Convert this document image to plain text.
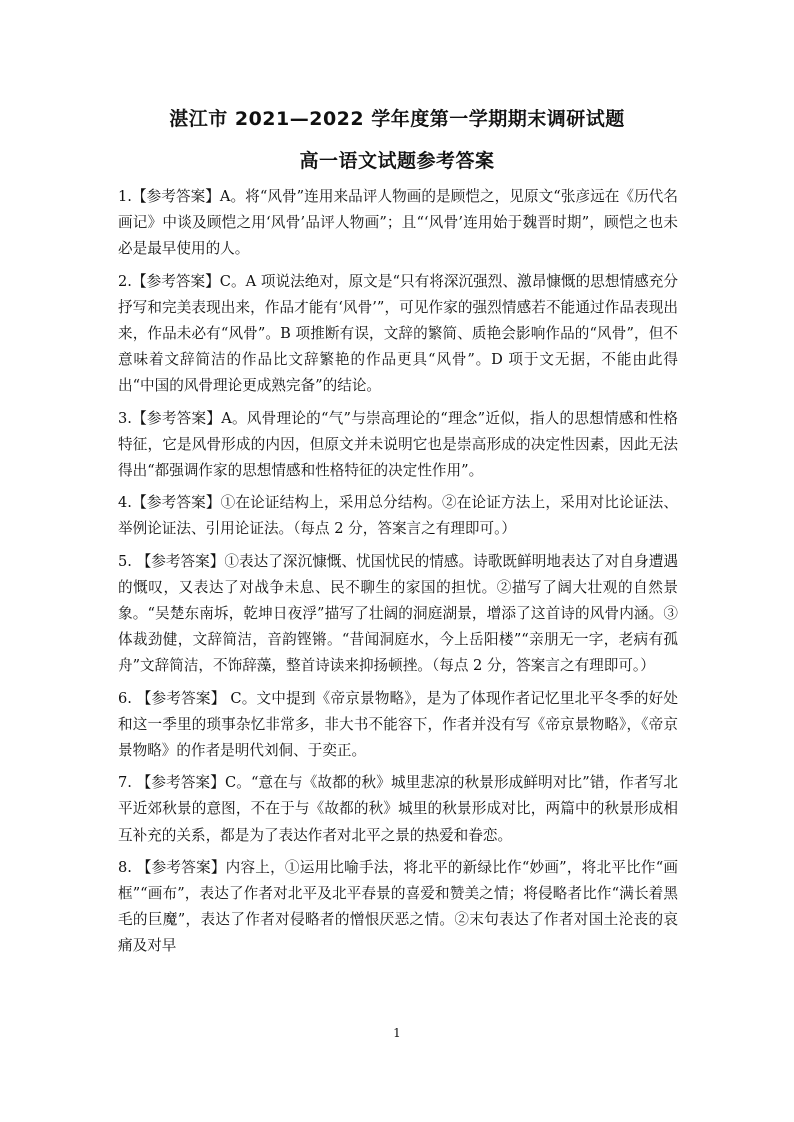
湛江市 2021—2022 学年度第一学期期末调研试题
高一语文试题参考答案

1.【参考答案】A。将“风骨”连用来品评人物画的是顾恺之，见原文“张彦远在《历代名画记》中谈及顾恺之用‘风骨’品评人物画”；且“‘风骨’连用始于魏晋时期”，顾恺之也未必是最早使用的人。

2.【参考答案】C。A 项说法绝对，原文是“只有将深沉强烈、激昂慷慨的思想情感充分抒写和完美表现出来，作品才能有‘风骨’”，可见作家的强烈情感若不能通过作品表现出来，作品未必有“风骨”。B 项推断有误，文辞的繁简、质艳会影响作品的“风骨”，但不意味着文辞简洁的作品比文辞繁艳的作品更具“风骨”。D 项于文无据，不能由此得出“中国的风骨理论更成熟完备”的结论。

3.【参考答案】A。风骨理论的“气”与崇高理论的“理念”近似，指人的思想情感和性格特征，它是风骨形成的内因，但原文并未说明它也是崇高形成的决定性因素，因此无法得出“都强调作家的思想情感和性格特征的决定性作用”。

4.【参考答案】①在论证结构上，采用总分结构。②在论证方法上，采用对比论证法、举例论证法、引用论证法。（每点 2 分，答案言之有理即可。）

5. 【参考答案】①表达了深沉慷慨、忧国忧民的情感。诗歌既鲜明地表达了对自身遭遇的慨叹，又表达了对战争未息、民不聊生的家国的担忧。②描写了阔大壮观的自然景象。“吴楚东南坼，乾坤日夜浮”描写了壮阔的洞庭湖景，增添了这首诗的风骨内涵。③体裁劲健，文辞简洁，音韵铿锵。“昔闻洞庭水，今上岳阳楼”“亲朋无一字，老病有孤舟”文辞简洁，不饰辞藻，整首诗读来抑扬顿挫。（每点 2 分，答案言之有理即可。）

6. 【参考答案】 C。文中提到《帝京景物略》，是为了体现作者记忆里北平冬季的好处和这一季里的琐事杂忆非常多，非大书不能容下，作者并没有写《帝京景物略》，《帝京景物略》的作者是明代刘侗、于奕正。

7. 【参考答案】C。“意在与《故都的秋》城里悲凉的秋景形成鲜明对比”错，作者写北平近郊秋景的意图，不在于与《故都的秋》城里的秋景形成对比，两篇中的秋景形成相互补充的关系，都是为了表达作者对北平之景的热爱和眷恋。

8. 【参考答案】内容上，①运用比喻手法，将北平的新绿比作“妙画”，将北平比作“画框”“画布”，表达了作者对北平及北平春景的喜爱和赞美之情；将侵略者比作“满长着黑毛的巨魔”，表达了作者对侵略者的憎恨厌恶之情。②末句表达了作者对国土沦丧的哀痛及对早

1
